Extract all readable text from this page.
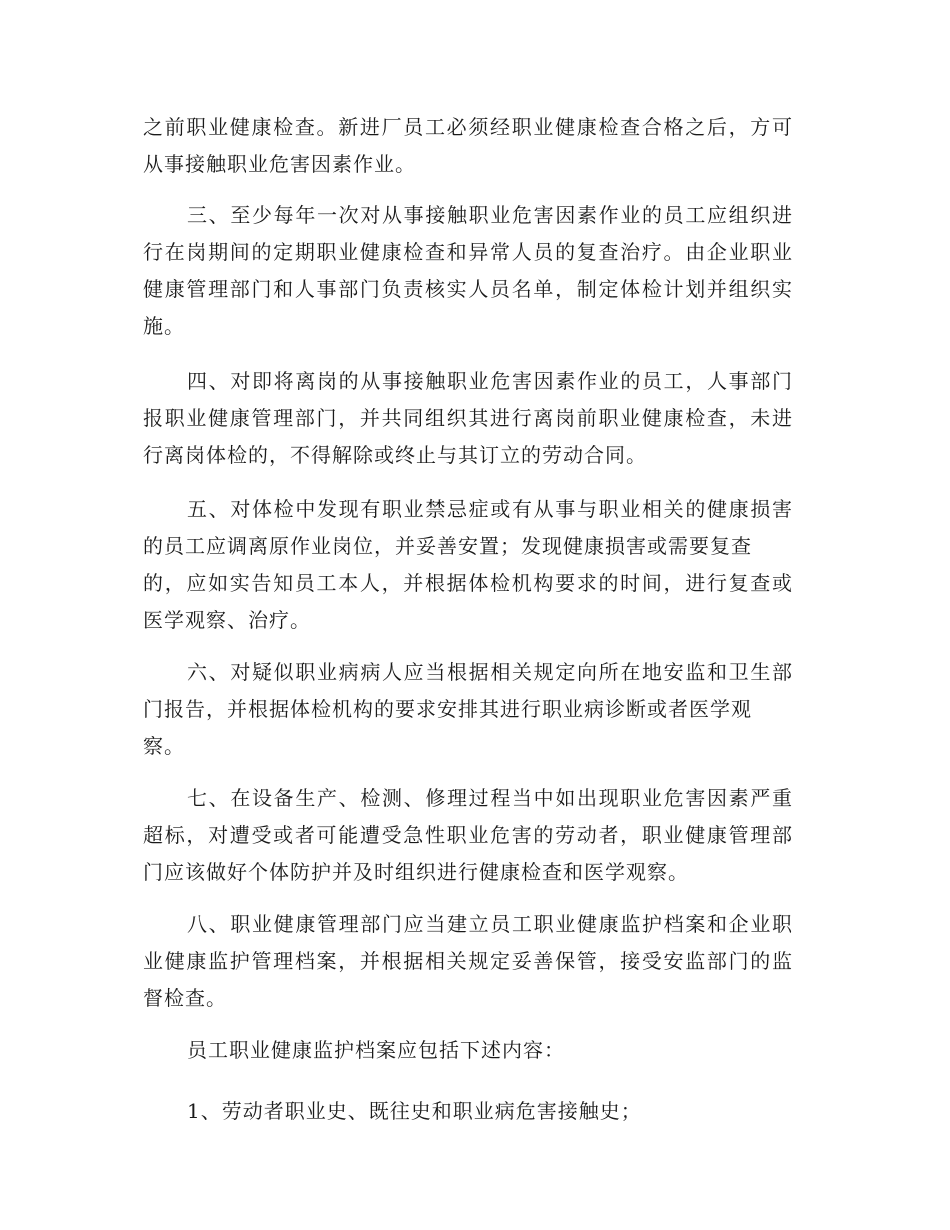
之前职业健康检查。新进厂员工必须经职业健康检查合格之后，方可
从事接触职业危害因素作业。
三、至少每年一次对从事接触职业危害因素作业的员工应组织进
行在岗期间的定期职业健康检查和异常人员的复查治疗。由企业职业
健康管理部门和人事部门负责核实人员名单，制定体检计划并组织实
施。
四、对即将离岗的从事接触职业危害因素作业的员工，人事部门
报职业健康管理部门，并共同组织其进行离岗前职业健康检查，未进
行离岗体检的，不得解除或终止与其订立的劳动合同。
五、对体检中发现有职业禁忌症或有从事与职业相关的健康损害
的员工应调离原作业岗位，并妥善安置；发现健康损害或需要复查
的，应如实告知员工本人，并根据体检机构要求的时间，进行复查或
医学观察、治疗。
六、对疑似职业病病人应当根据相关规定向所在地安监和卫生部
门报告，并根据体检机构的要求安排其进行职业病诊断或者医学观
察。
七、在设备生产、检测、修理过程当中如出现职业危害因素严重
超标，对遭受或者可能遭受急性职业危害的劳动者，职业健康管理部
门应该做好个体防护并及时组织进行健康检查和医学观察。
八、职业健康管理部门应当建立员工职业健康监护档案和企业职
业健康监护管理档案，并根据相关规定妥善保管，接受安监部门的监
督检查。
员工职业健康监护档案应包括下述内容：
1、劳动者职业史、既往史和职业病危害接触史；
